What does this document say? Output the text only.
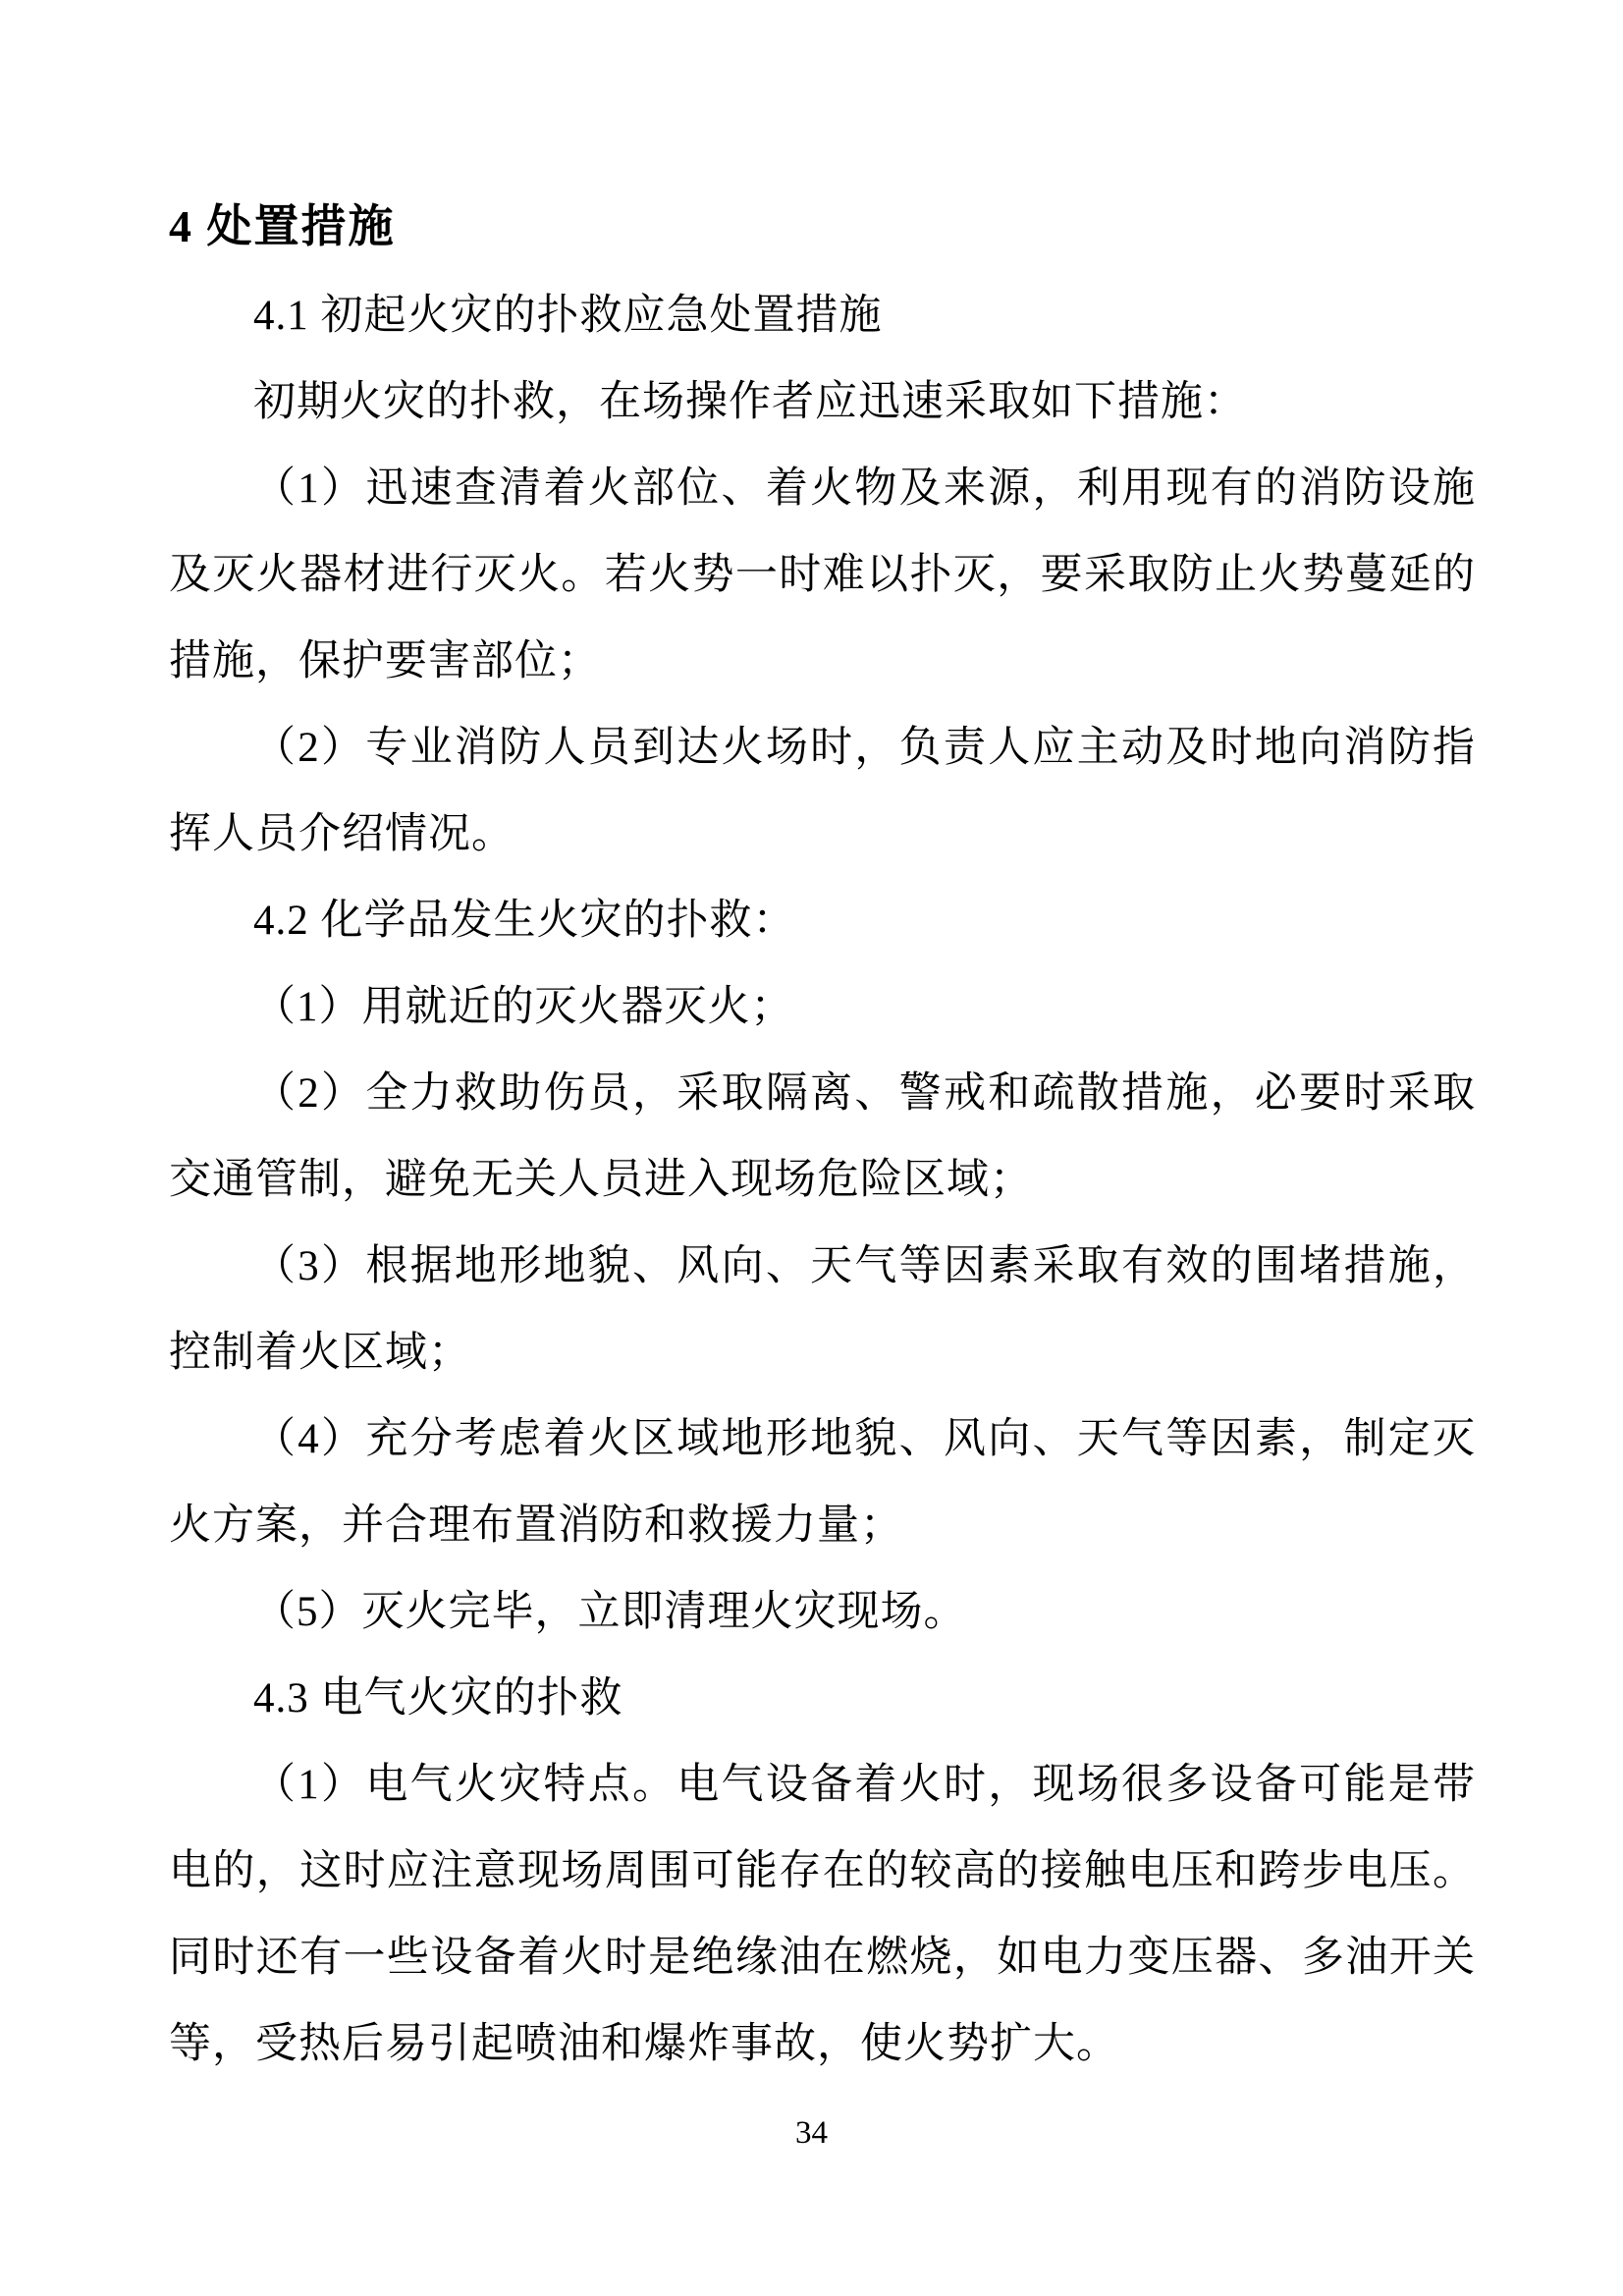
4 处置措施

4.1 初起火灾的扑救应急处置措施

初期火灾的扑救，在场操作者应迅速采取如下措施：

（1）迅速查清着火部位、着火物及来源，利用现有的消防设施及灭火器材进行灭火。若火势一时难以扑灭，要采取防止火势蔓延的措施，保护要害部位；

（2）专业消防人员到达火场时，负责人应主动及时地向消防指挥人员介绍情况。

4.2 化学品发生火灾的扑救：

（1）用就近的灭火器灭火；

（2）全力救助伤员，采取隔离、警戒和疏散措施，必要时采取交通管制，避免无关人员进入现场危险区域；

（3）根据地形地貌、风向、天气等因素采取有效的围堵措施，控制着火区域；

（4）充分考虑着火区域地形地貌、风向、天气等因素，制定灭火方案，并合理布置消防和救援力量；

（5）灭火完毕，立即清理火灾现场。

4.3 电气火灾的扑救

（1）电气火灾特点。电气设备着火时，现场很多设备可能是带电的，这时应注意现场周围可能存在的较高的接触电压和跨步电压。同时还有一些设备着火时是绝缘油在燃烧，如电力变压器、多油开关等，受热后易引起喷油和爆炸事故，使火势扩大。

34
